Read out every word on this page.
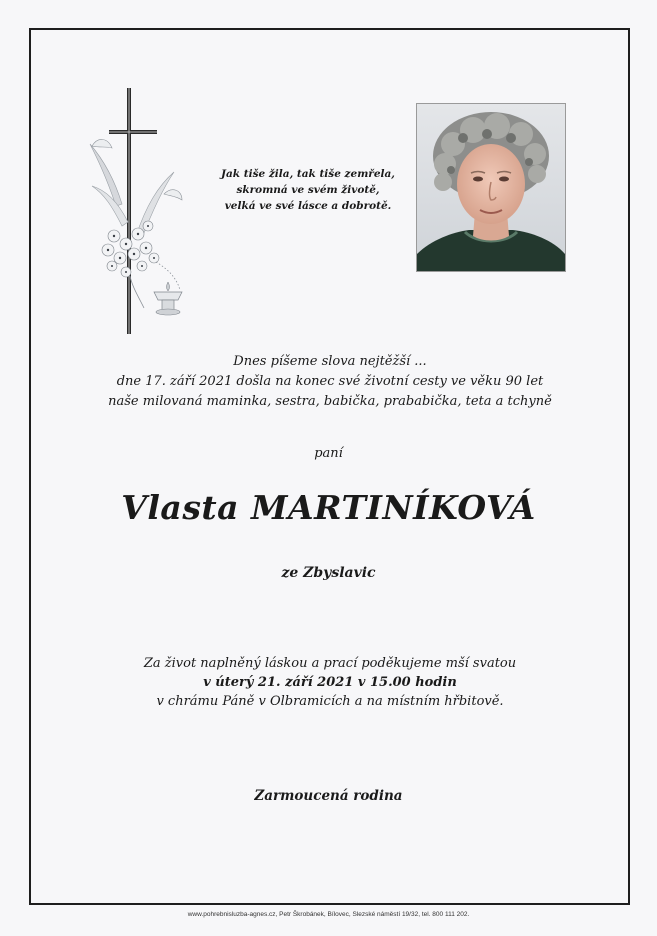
Jak tiše žila, tak tiše zemřela,
skromná ve svém životě,
velká ve své lásce a dobrotě.
Dnes píšeme slova nejtěžší ...
dne 17. září 2021 došla na konec své životní cesty ve věku 90 let
naše milovaná maminka, sestra, babička, prababička, teta a tchyně
paní
Vlasta MARTINÍKOVÁ
ze Zbyslavic
Za život naplněný láskou a prací poděkujeme mší svatou
v úterý 21. září 2021 v 15.00 hodin
v chrámu Páně v Olbramicích a na místním hřbitově.
Zarmoucená rodina
www.pohrebnisluzba-agnes.cz, Petr Škrobánek, Bílovec, Slezské náměstí 19/32, tel. 800 111 202.
